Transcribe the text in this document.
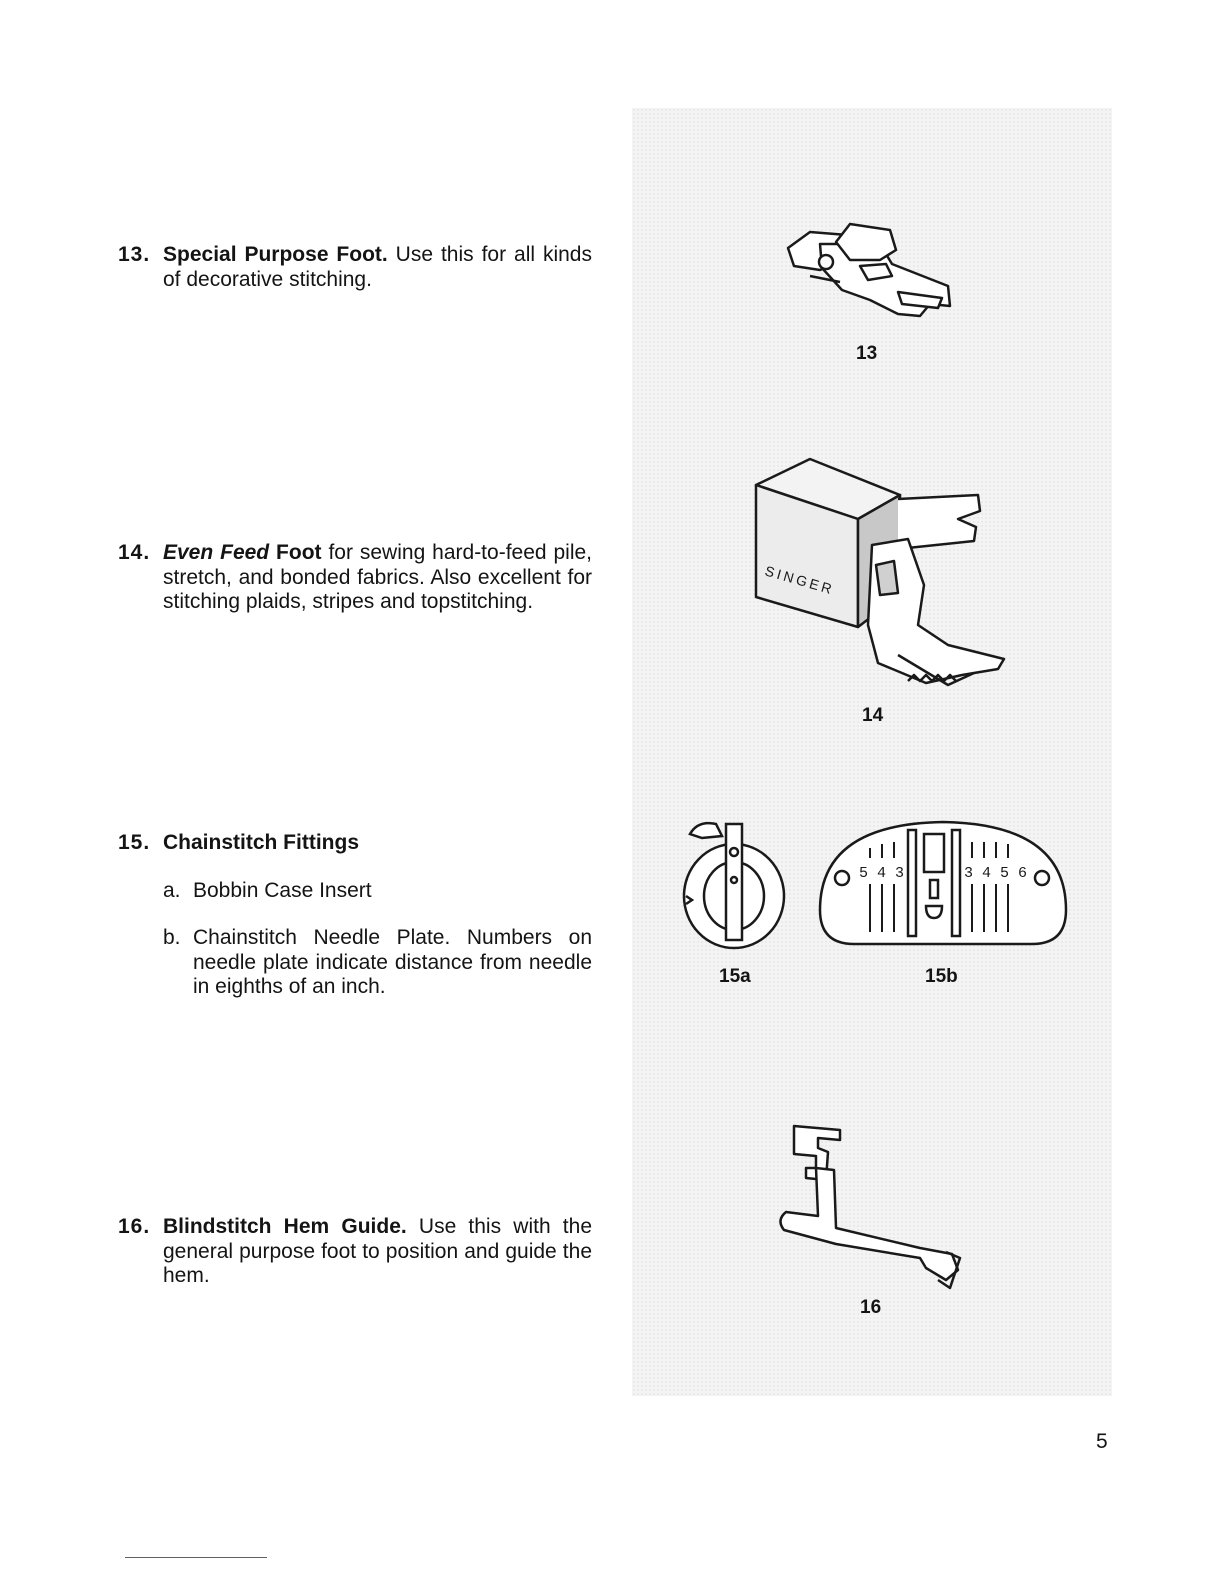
13. Special Purpose Foot. Use this for all kinds of decorative stitching.
14. Even Feed Foot for sewing hard-to-feed pile, stretch, and bonded fabrics. Also excellent for stitching plaids, stripes and topstitching.
15. Chainstitch Fittings
a. Bobbin Case Insert
b. Chainstitch Needle Plate. Numbers on needle plate indicate distance from needle in eighths of an inch.
16. Blindstitch Hem Guide. Use this with the general purpose foot to position and guide the hem.
13
SINGER
14
15a
5 4 3	3 4 5 6
15b
16
5
